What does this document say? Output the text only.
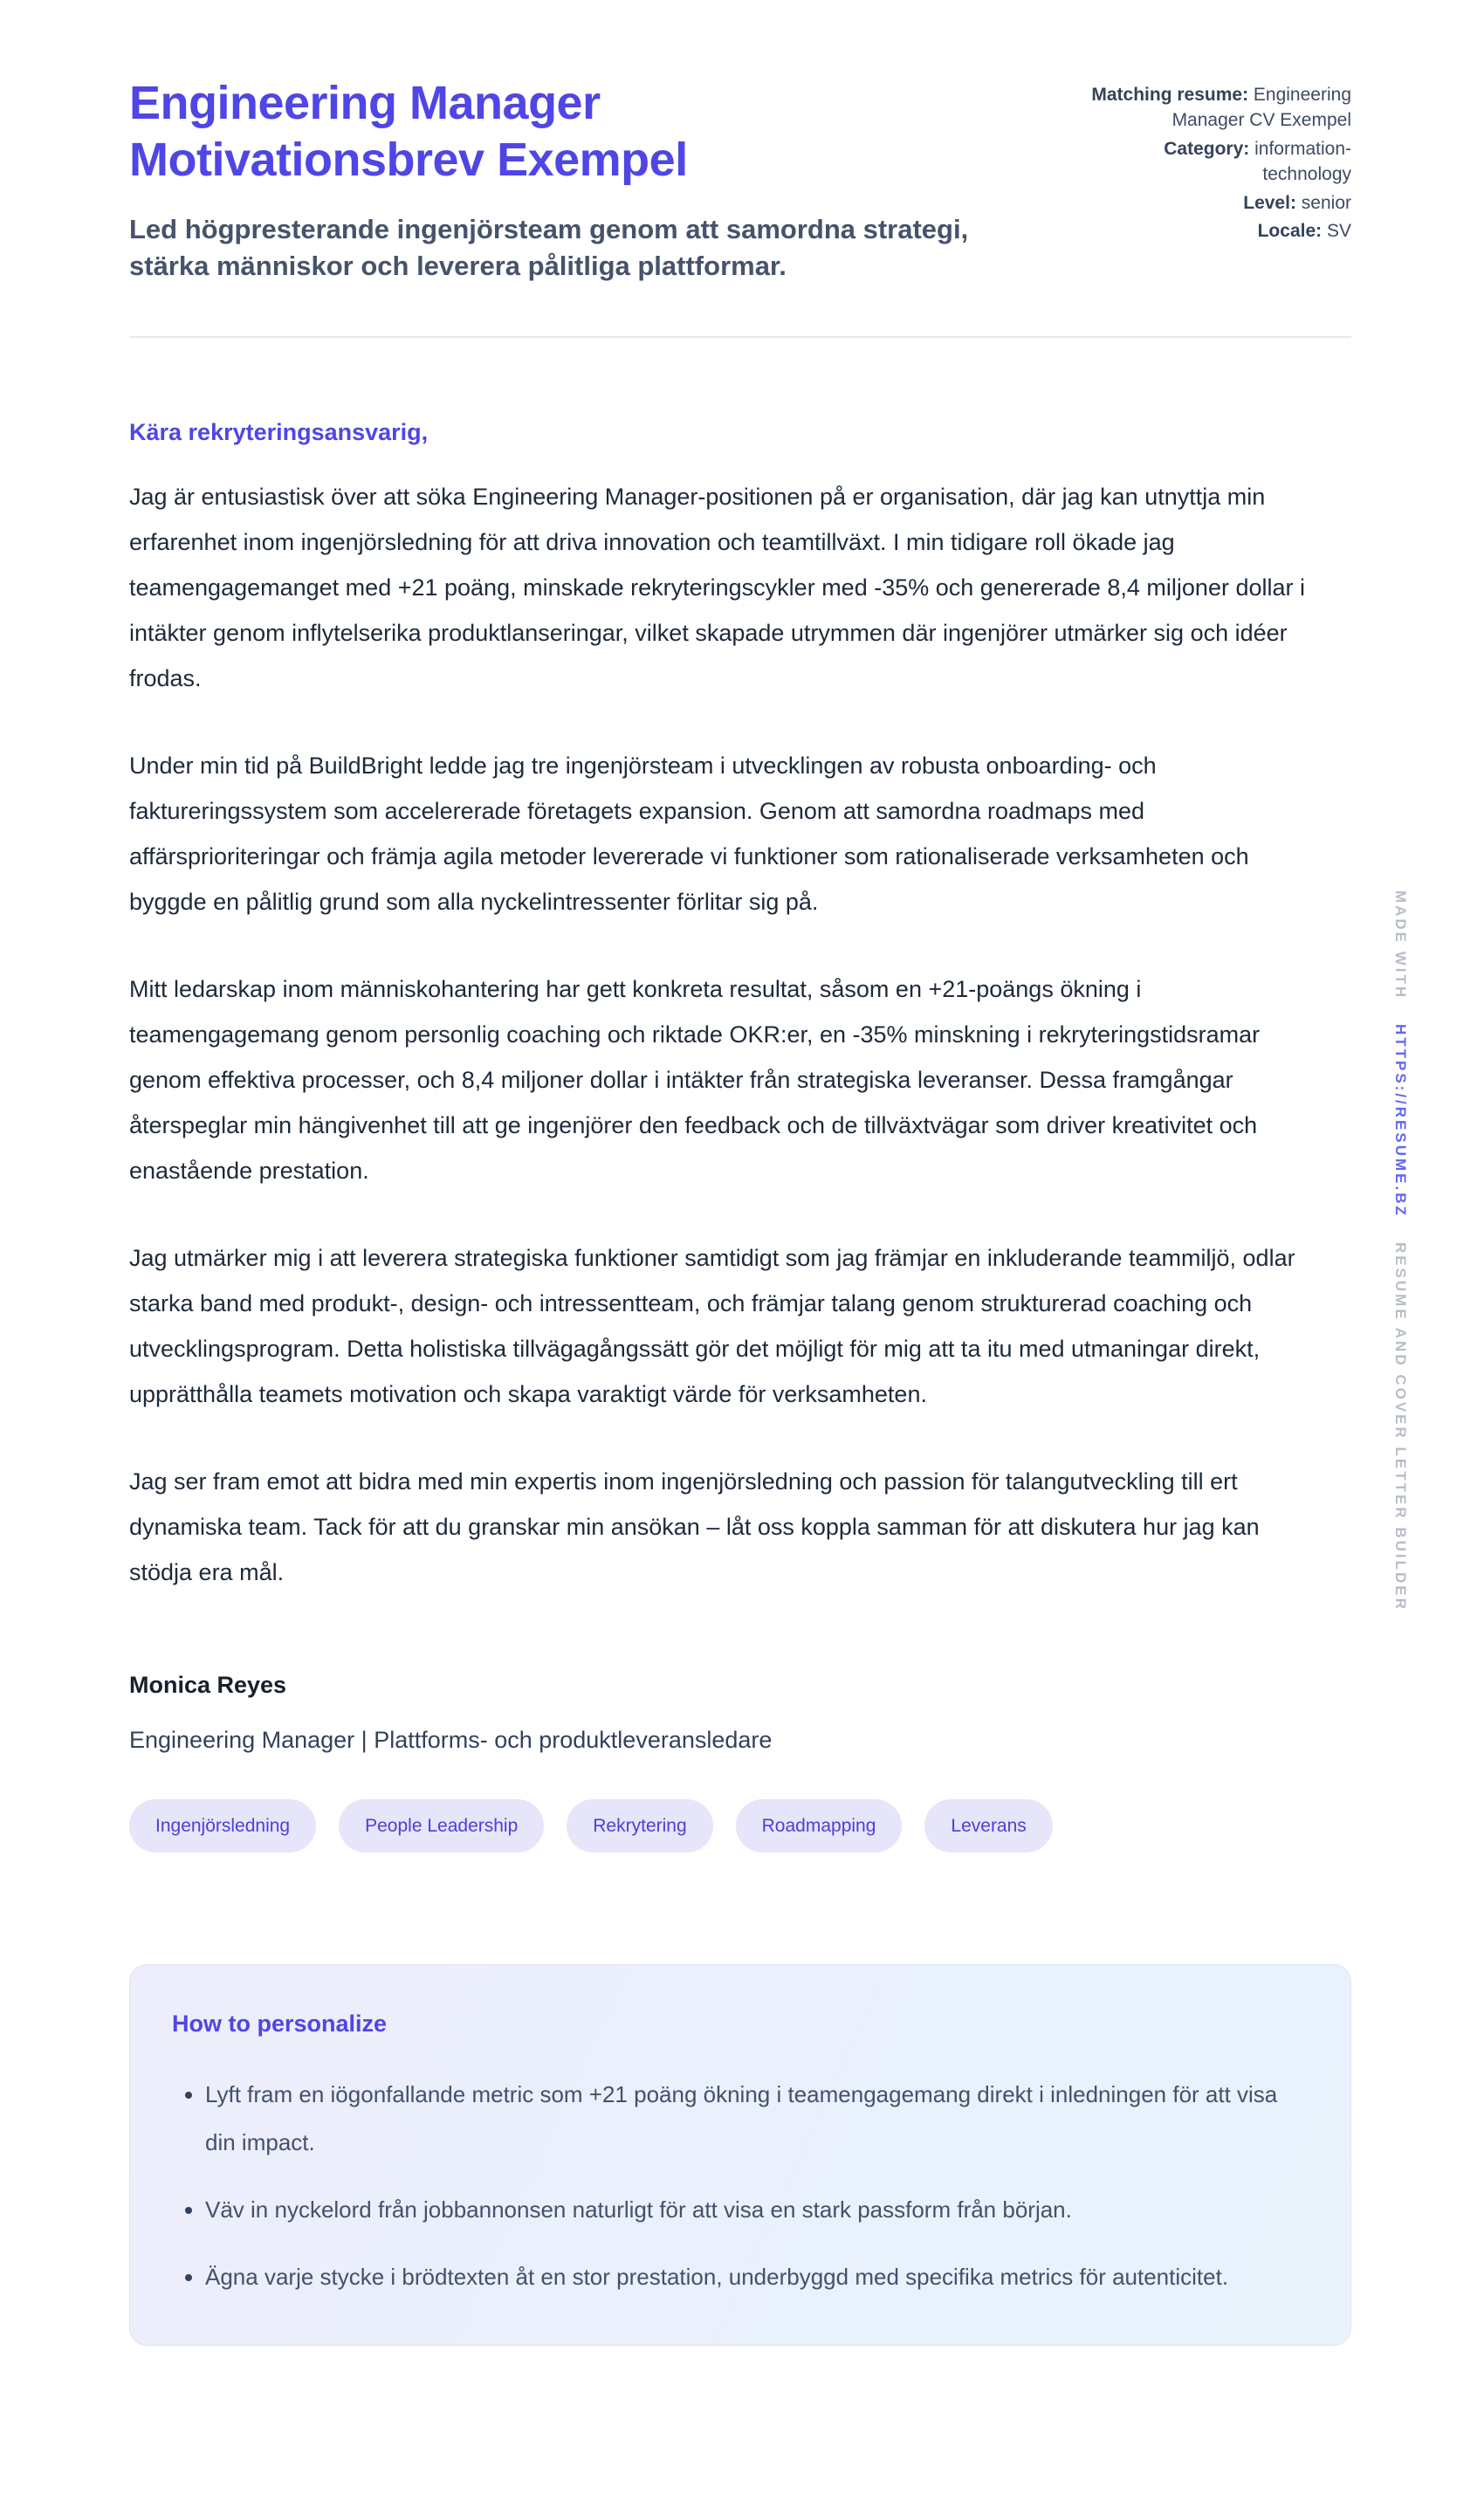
Engineering Manager Motivationsbrev Exempel

Led högpresterande ingenjörsteam genom att samordna strategi, stärka människor och leverera pålitliga plattformar.

Matching resume: Engineering Manager CV Exempel
Category: information-technology
Level: senior
Locale: SV

Kära rekryteringsansvarig,

Jag är entusiastisk över att söka Engineering Manager-positionen på er organisation, där jag kan utnyttja min erfarenhet inom ingenjörsledning för att driva innovation och teamtillväxt. I min tidigare roll ökade jag teamengagemanget med +21 poäng, minskade rekryteringscykler med -35% och genererade 8,4 miljoner dollar i intäkter genom inflytelserika produktlanseringar, vilket skapade utrymmen där ingenjörer utmärker sig och idéer frodas.

Under min tid på BuildBright ledde jag tre ingenjörsteam i utvecklingen av robusta onboarding- och faktureringssystem som accelererade företagets expansion. Genom att samordna roadmaps med affärsprioriteringar och främja agila metoder levererade vi funktioner som rationaliserade verksamheten och byggde en pålitlig grund som alla nyckelintressenter förlitar sig på.

Mitt ledarskap inom människohantering har gett konkreta resultat, såsom en +21-poängs ökning i teamengagemang genom personlig coaching och riktade OKR:er, en -35% minskning i rekryteringstidsramar genom effektiva processer, och 8,4 miljoner dollar i intäkter från strategiska leveranser. Dessa framgångar återspeglar min hängivenhet till att ge ingenjörer den feedback och de tillväxtvägar som driver kreativitet och enastående prestation.

Jag utmärker mig i att leverera strategiska funktioner samtidigt som jag främjar en inkluderande teammiljö, odlar starka band med produkt-, design- och intressentteam, och främjar talang genom strukturerad coaching och utvecklingsprogram. Detta holistiska tillvägagångssätt gör det möjligt för mig att ta itu med utmaningar direkt, upprätthålla teamets motivation och skapa varaktigt värde för verksamheten.

Jag ser fram emot att bidra med min expertis inom ingenjörsledning och passion för talangutveckling till ert dynamiska team. Tack för att du granskar min ansökan – låt oss koppla samman för att diskutera hur jag kan stödja era mål.

Monica Reyes

Engineering Manager | Plattforms- och produktleveransledare

Ingenjörsledning	People Leadership	Rekrytering	Roadmapping	Leverans
How to personalize
• Lyft fram en iögonfallande metric som +21 poäng ökning i teamengagemang direkt i inledningen för att visa din impact.
• Väv in nyckelord från jobbannonsen naturligt för att visa en stark passform från början.
• Ägna varje stycke i brödtexten åt en stor prestation, underbyggd med specifika metrics för autenticitet.
MADE WITHHTTPS://RESUME.BZRESUME AND COVER LETTER BUILDER
